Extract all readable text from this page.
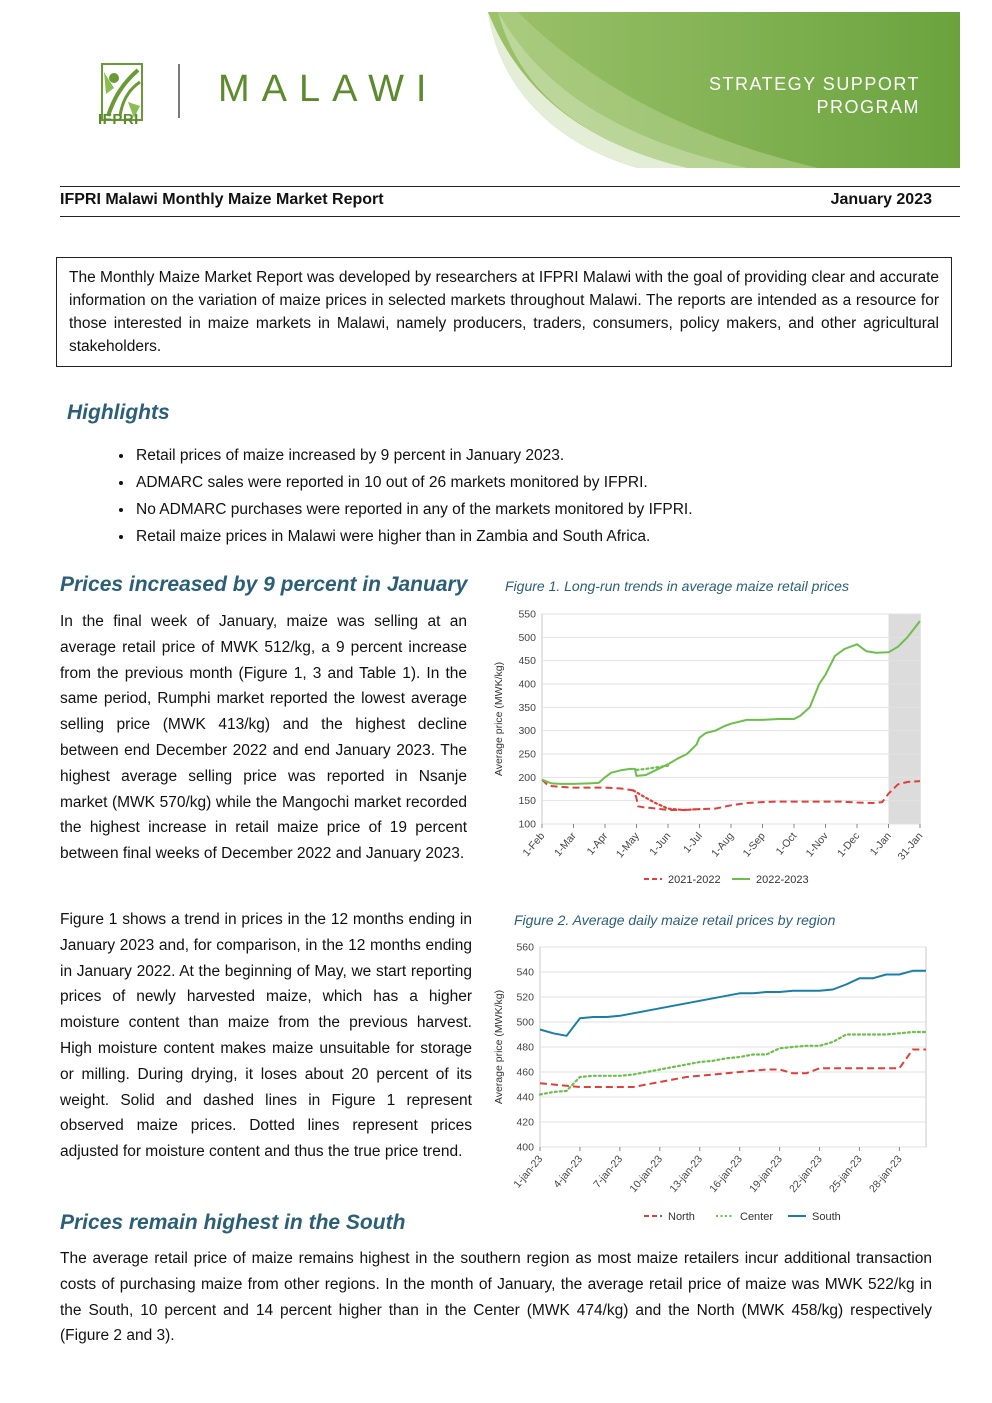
IFPRI
MALAWI	STRATEGY SUPPORT
PROGRAM
IFPRI Malawi Monthly Maize Market Report	January 2023
The Monthly Maize Market Report was developed by researchers at IFPRI Malawi with the goal of providing clear and accurate information on the variation of maize prices in selected markets throughout Malawi. The reports are intended as a resource for those interested in maize markets in Malawi, namely producers, traders, consumers, policy makers, and other agricultural stakeholders.
Highlights
• Retail prices of maize increased by 9 percent in January 2023.
• ADMARC sales were reported in 10 out of 26 markets monitored by IFPRI.
• No ADMARC purchases were reported in any of the markets monitored by IFPRI.
• Retail maize prices in Malawi were higher than in Zambia and South Africa.
Prices increased by 9 percent in January
In the final week of January, maize was selling at an average retail price of MWK 512/kg, a 9 percent increase from the previous month (Figure 1, 3 and Table 1). In the same period, Rumphi market reported the lowest average selling price (MWK 413/kg) and the highest decline between end December 2022 and end January 2023. The highest average selling price was reported in Nsanje market (MWK 570/kg) while the Mangochi market recorded the highest increase in retail maize price of 19 percent between final weeks of December 2022 and January 2023.
Figure 1 shows a trend in prices in the 12 months ending in January 2023 and, for comparison, in the 12 months ending in January 2022. At the beginning of May, we start reporting prices of newly harvested maize, which has a higher moisture content than maize from the previous harvest. High moisture content makes maize unsuitable for storage or milling. During drying, it loses about 20 percent of its weight. Solid and dashed lines in Figure 1 represent observed maize prices. Dotted lines represent prices adjusted for moisture content and thus the true price trend.
Figure 1. Long-run trends in average maize retail prices
100
150
200
250
300
350
400
450
500
550
1-Feb 1-Mar 1-Apr 1-May 1-Jun 1-Jul 1-Aug 1-Sep 1-Oct 1-Nov 1-Dec 1-Jan 31-Jan
Average price (MWK/kg)
2021-2022	2022-2023
Figure 2. Average daily maize retail prices by region
400
420
440
460
480
500
520
540
560
1-jan-23 4-jan-23 7-jan-23 10-jan-23 13-jan-23 16-jan-23 19-jan-23 22-jan-23 25-jan-23 28-jan-23
Average price (MWK/kg)
North	Center	South
Prices remain highest in the South
The average retail price of maize remains highest in the southern region as most maize retailers incur additional transaction costs of purchasing maize from other regions. In the month of January, the average retail price of maize was MWK 522/kg in the South, 10 percent and 14 percent higher than in the Center (MWK 474/kg) and the North (MWK 458/kg) respectively (Figure 2 and 3).
